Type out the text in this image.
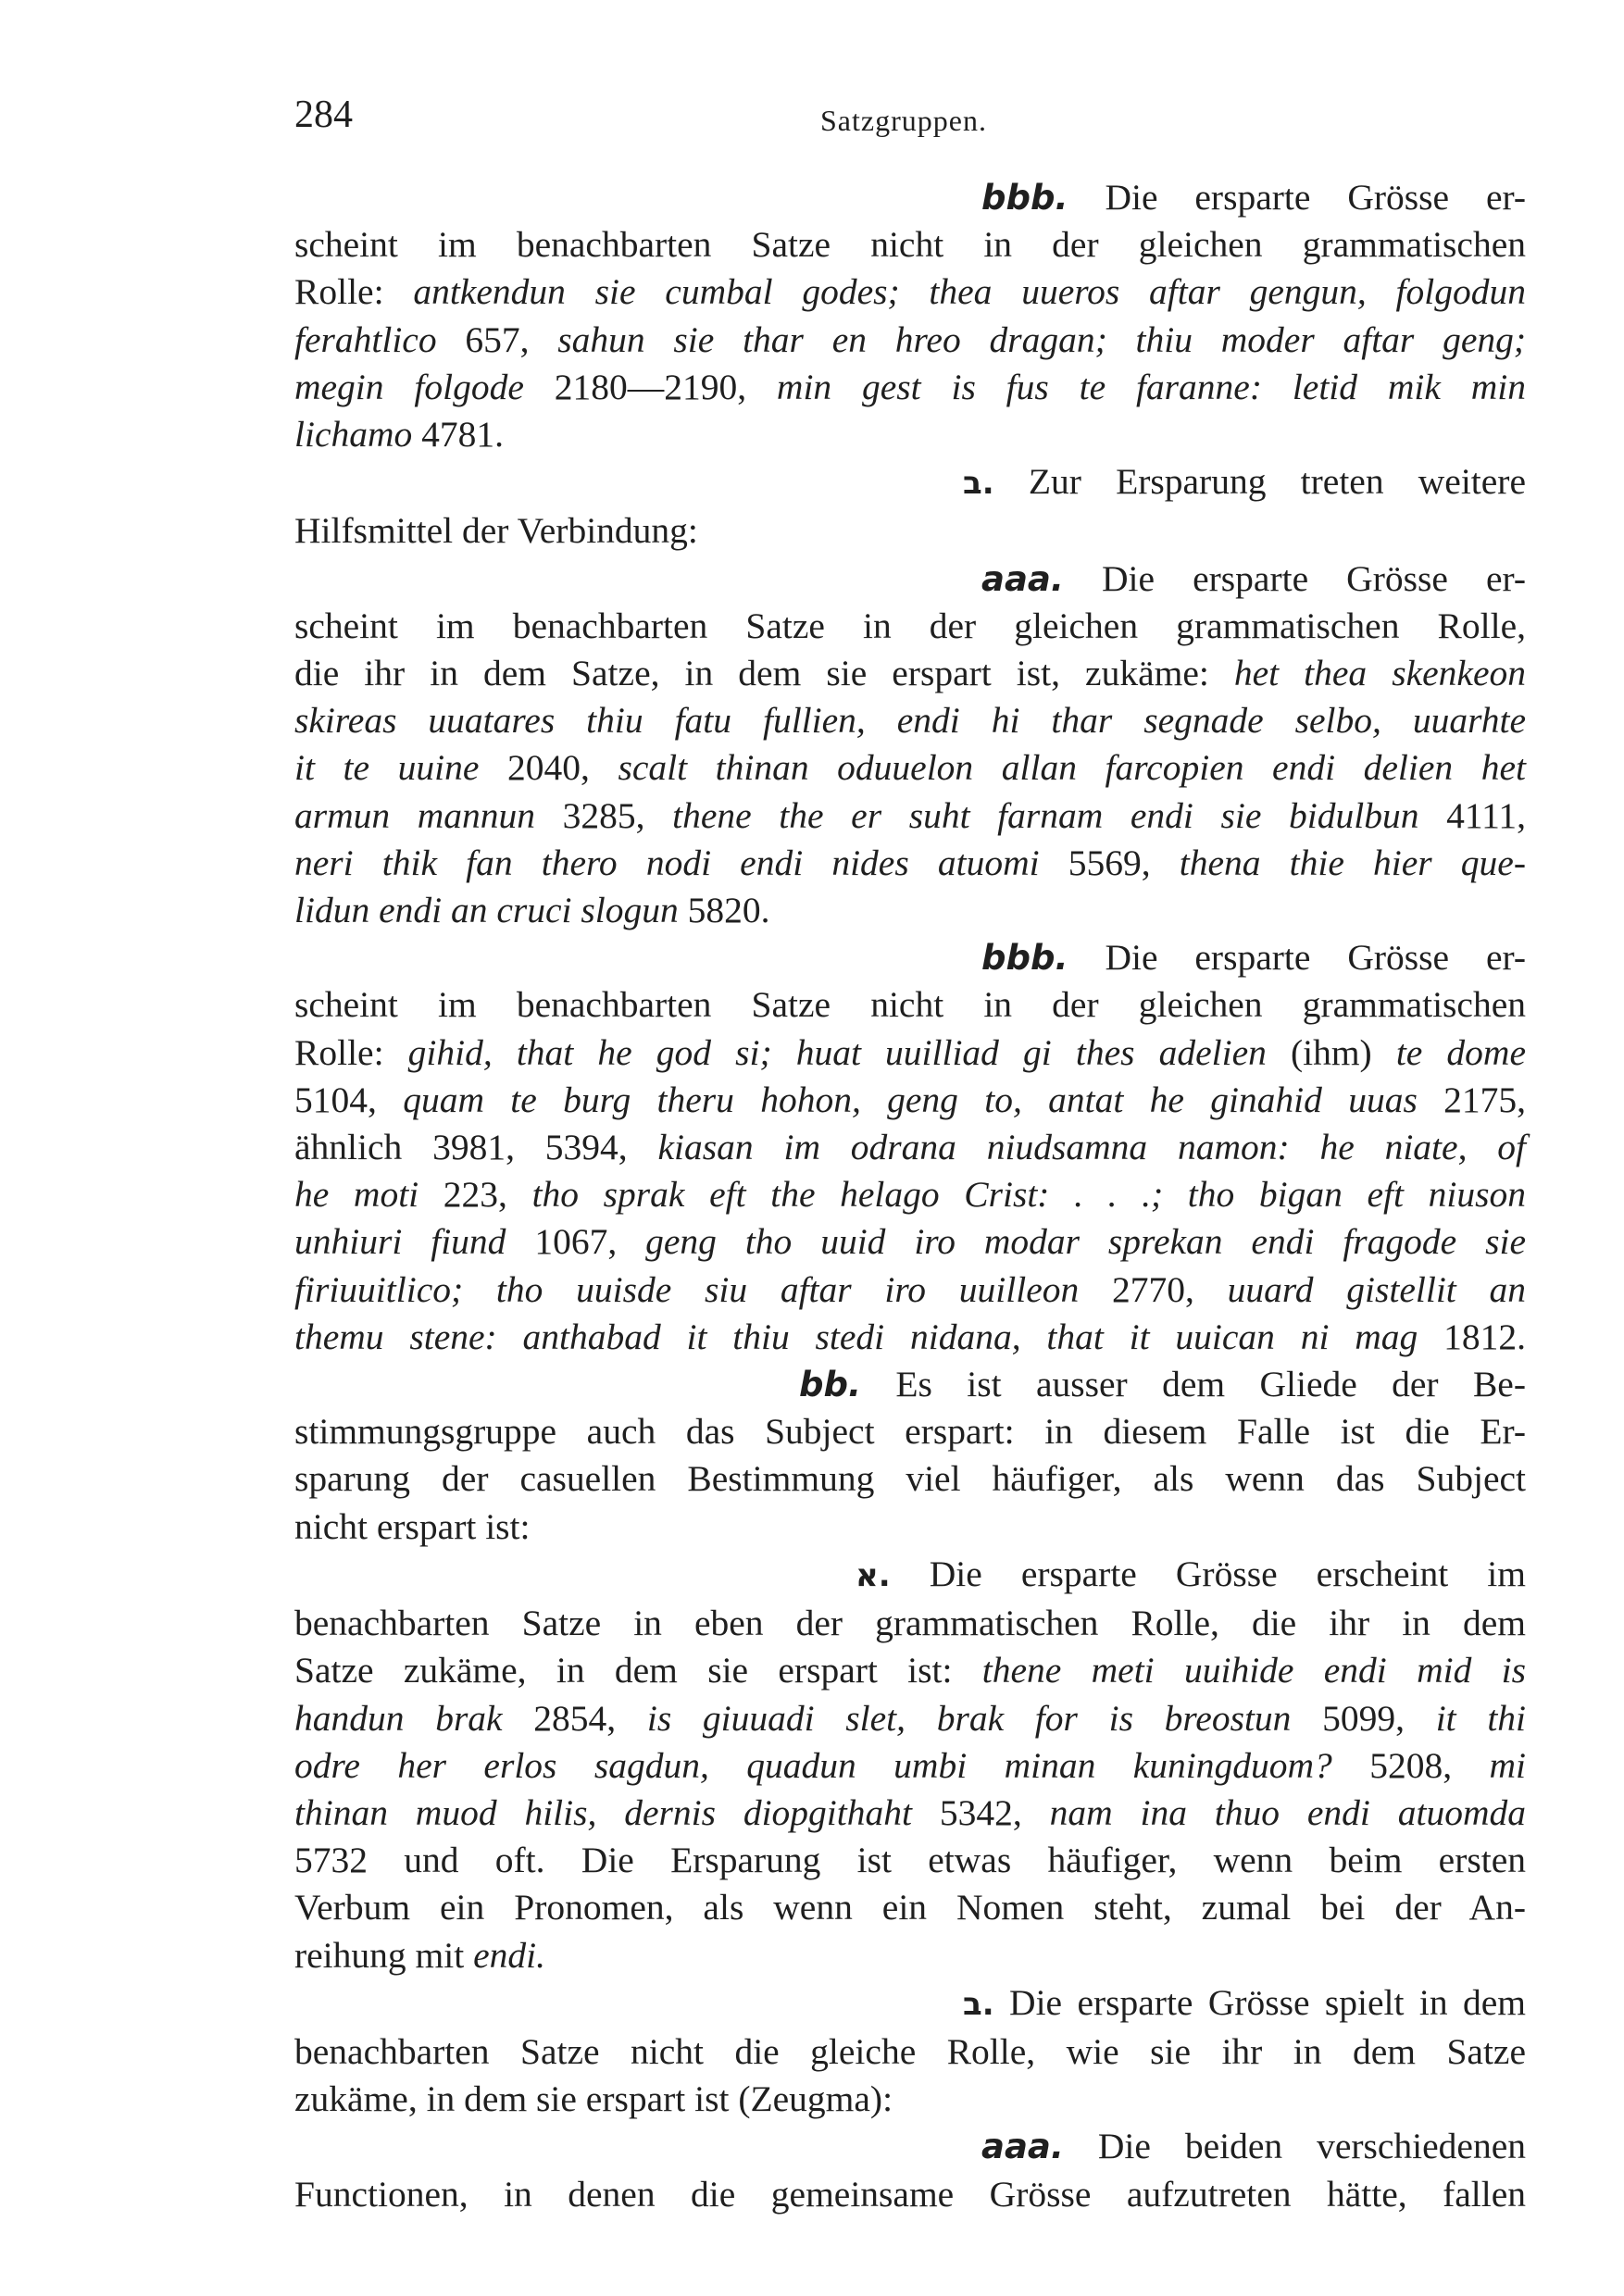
284	Satzgruppen.

bbb. Die ersparte Grösse er-

scheint im benachbarten Satze nicht in der gleichen grammatischen

Rolle: antkendun sie cumbal godes; thea uueros aftar gengun, folgodun

ferahtlico 657, sahun sie thar en hreo dragan; thiu moder aftar geng;

megin folgode 2180—2190, min gest is fus te faranne: letid mik min

lichamo 4781.

ב. Zur Ersparung treten weitere

Hilfsmittel der Verbindung:

aaa. Die ersparte Grösse er-

scheint im benachbarten Satze in der gleichen grammatischen Rolle,

die ihr in dem Satze, in dem sie erspart ist, zukäme: het thea skenkeon

skireas uuatares thiu fatu fullien, endi hi thar segnade selbo, uuarhte

it te uuine 2040, scalt thinan oduuelon allan farcopien endi delien het

armun mannun 3285, thene the er suht farnam endi sie bidulbun 4111,

neri thik fan thero nodi endi nides atuomi 5569, thena thie hier que-

lidun endi an cruci slogun 5820.

bbb. Die ersparte Grösse er-

scheint im benachbarten Satze nicht in der gleichen grammatischen

Rolle: gihid, that he god si; huat uuilliad gi thes adelien (ihm) te dome

5104, quam te burg theru hohon, geng to, antat he ginahid uuas 2175,

ähnlich 3981, 5394, kiasan im odrana niudsamna namon: he niate, of

he moti 223, tho sprak eft the helago Crist: . . .; tho bigan eft niuson

unhiuri fiund 1067, geng tho uuid iro modar sprekan endi fragode sie

firiuuitlico; tho uuisde siu aftar iro uuilleon 2770, uuard gistellit an

themu stene: anthabad it thiu stedi nidana, that it uuican ni mag 1812.

bb. Es ist ausser dem Gliede der Be-

stimmungsgruppe auch das Subject erspart: in diesem Falle ist die Er-

sparung der casuellen Bestimmung viel häufiger, als wenn das Subject

nicht erspart ist:

א. Die ersparte Grösse erscheint im

benachbarten Satze in eben der grammatischen Rolle, die ihr in dem

Satze zukäme, in dem sie erspart ist: thene meti uuihide endi mid is

handun brak 2854, is giuuadi slet, brak for is breostun 5099, it thi

odre her erlos sagdun, quadun umbi minan kuningduom? 5208, mi

thinan muod hilis, dernis diopgithaht 5342, nam ina thuo endi atuomda

5732 und oft. Die Ersparung ist etwas häufiger, wenn beim ersten

Verbum ein Pronomen, als wenn ein Nomen steht, zumal bei der An-

reihung mit endi.

ב. Die ersparte Grösse spielt in dem

benachbarten Satze nicht die gleiche Rolle, wie sie ihr in dem Satze

zukäme, in dem sie erspart ist (Zeugma):

aaa. Die beiden verschiedenen

Functionen, in denen die gemeinsame Grösse aufzutreten hätte, fallen
